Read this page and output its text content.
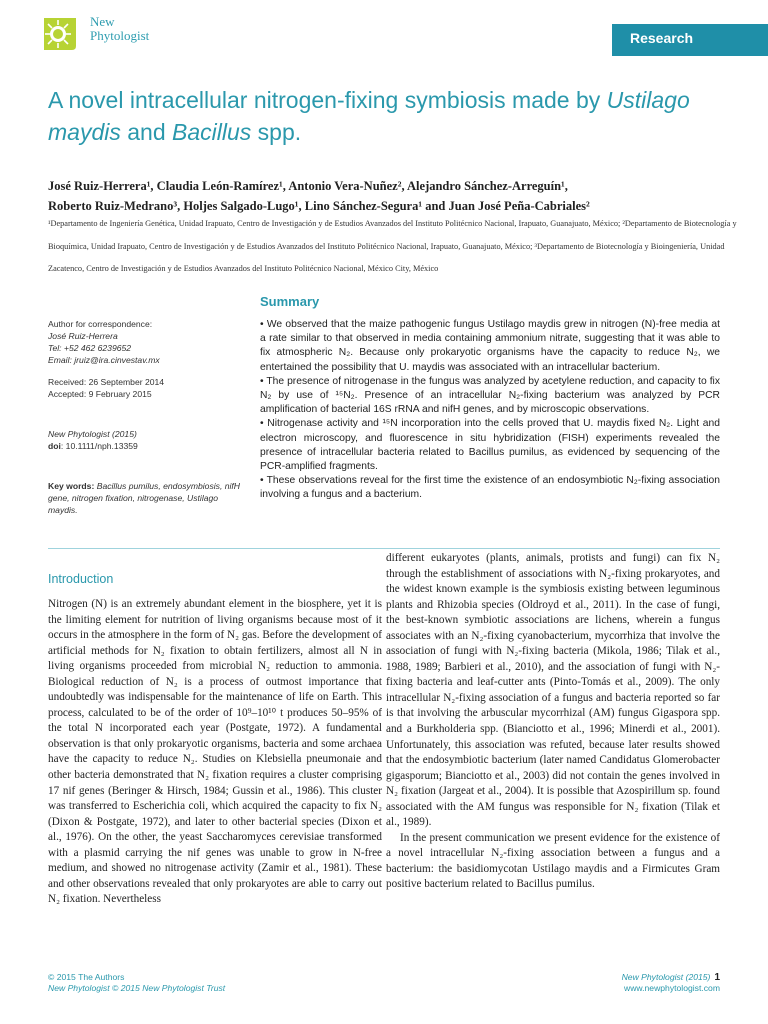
New
Phytologist	Research
A novel intracellular nitrogen-fixing symbiosis made by Ustilago maydis and Bacillus spp.
José Ruiz-Herrera¹, Claudia León-Ramírez¹, Antonio Vera-Nuñez², Alejandro Sánchez-Arreguín¹,
Roberto Ruiz-Medrano³, Holjes Salgado-Lugo¹, Lino Sánchez-Segura¹ and Juan José Peña-Cabriales²
¹Departamento de Ingeniería Genética, Unidad Irapuato, Centro de Investigación y de Estudios Avanzados del Instituto Politécnico Nacional, Irapuato, Guanajuato, México; ²Departamento de Biotecnología y Bioquímica, Unidad Irapuato, Centro de Investigación y de Estudios Avanzados del Instituto Politécnico Nacional, Irapuato, Guanajuato, México; ³Departamento de Biotecnología y Bioingeniería, Unidad Zacatenco, Centro de Investigación y de Estudios Avanzados del Instituto Politécnico Nacional, México City, México
Author for correspondence:
José Ruiz-Herrera
Tel: +52 462 6239652
Email: jruiz@ira.cinvestav.mx
Received: 26 September 2014
Accepted: 9 February 2015
New Phytologist (2015)
doi: 10.1111/nph.13359
Key words: Bacillus pumilus, endosymbiosis, nifH gene, nitrogen fixation, nitrogenase, Ustilago maydis.
Summary

• We observed that the maize pathogenic fungus Ustilago maydis grew in nitrogen (N)-free media at a rate similar to that observed in media containing ammonium nitrate, suggesting that it was able to fix atmospheric N₂. Because only prokaryotic organisms have the capacity to reduce N₂, we entertained the possibility that U. maydis was associated with an intracellular bacterium.

• The presence of nitrogenase in the fungus was analyzed by acetylene reduction, and capacity to fix N₂ by use of ¹⁵N₂. Presence of an intracellular N₂-fixing bacterium was analyzed by PCR amplification of bacterial 16S rRNA and nifH genes, and by microscopic observations.

• Nitrogenase activity and ¹⁵N incorporation into the cells proved that U. maydis fixed N₂. Light and electron microscopy, and fluorescence in situ hybridization (FISH) experiments revealed the presence of intracellular bacteria related to Bacillus pumilus, as evidenced by sequencing of the PCR-amplified fragments.

• These observations reveal for the first time the existence of an endosymbiotic N₂-fixing association involving a fungus and a bacterium.

Introduction

Nitrogen (N) is an extremely abundant element in the biosphere, yet it is the limiting element for nutrition of living organisms because most of it occurs in the atmosphere in the form of N₂ gas. Before the development of artificial methods for N₂ fixation to obtain fertilizers, almost all N in living organisms proceeded from microbial N₂ reduction to ammonia. Biological reduction of N₂ is a process of outmost importance that undoubtedly was indispensable for the maintenance of life on Earth. This process, calculated to be of the order of 10⁹–10¹⁰ t produces 50–95% of the total N incorporated each year (Postgate, 1972). A fundamental observation is that only prokaryotic organisms, bacteria and some archaea have the capacity to reduce N₂. Studies on Klebsiella pneumonaie and other bacteria demonstrated that N₂ fixation requires a cluster comprising 17 nif genes (Beringer & Hirsch, 1984; Gussin et al., 1986). This cluster was transferred to Escherichia coli, which acquired the capacity to fix N₂ (Dixon & Postgate, 1972), and later to other bacterial species (Dixon et al., 1976). On the other, the yeast Saccharomyces cerevisiae transformed with a plasmid carrying the nif genes was unable to grow in N-free medium, and showed no nitrogenase activity (Zamir et al., 1981). These and other observations revealed that only prokaryotes are able to carry out N₂ fixation. Nevertheless

different eukaryotes (plants, animals, protists and fungi) can fix N₂ through the establishment of associations with N₂-fixing prokaryotes, and the widest known example is the symbiosis existing between leguminous plants and Rhizobia species (Oldroyd et al., 2011). In the case of fungi, the best-known symbiotic associations are lichens, wherein a fungus associates with an N₂-fixing cyanobacterium, mycorrhiza that involve the association of fungi with N₂-fixing bacteria (Mikola, 1986; Tilak et al., 1988, 1989; Barbieri et al., 2010), and the association of fungi with N₂-fixing bacteria and leaf-cutter ants (Pinto-Tomás et al., 2009). The only intracellular N₂-fixing association of a fungus and bacteria reported so far is that involving the arbuscular mycorrhizal (AM) fungus Gigaspora spp. and a Burkholderia spp. (Bianciotto et al., 1996; Minerdi et al., 2001). Unfortunately, this association was refuted, because later results showed that the endosymbiotic bacterium (later named Candidatus Glomerobacter gigasporum; Bianciotto et al., 2003) did not contain the genes involved in N₂ fixation (Jargeat et al., 2004). It is possible that Azospirillum sp. found associated with the AM fungus was responsible for N₂ fixation (Tilak et al., 1989).

In the present communication we present evidence for the existence of a novel intracellular N₂-fixing association between a fungus and a bacterium: the basidiomycotan Ustilago maydis and a Firmicutes Gram positive bacterium related to Bacillus pumilus.

© 2015 The Authors
New Phytologist © 2015 New Phytologist Trust
New Phytologist (2015) 1
www.newphytologist.com
